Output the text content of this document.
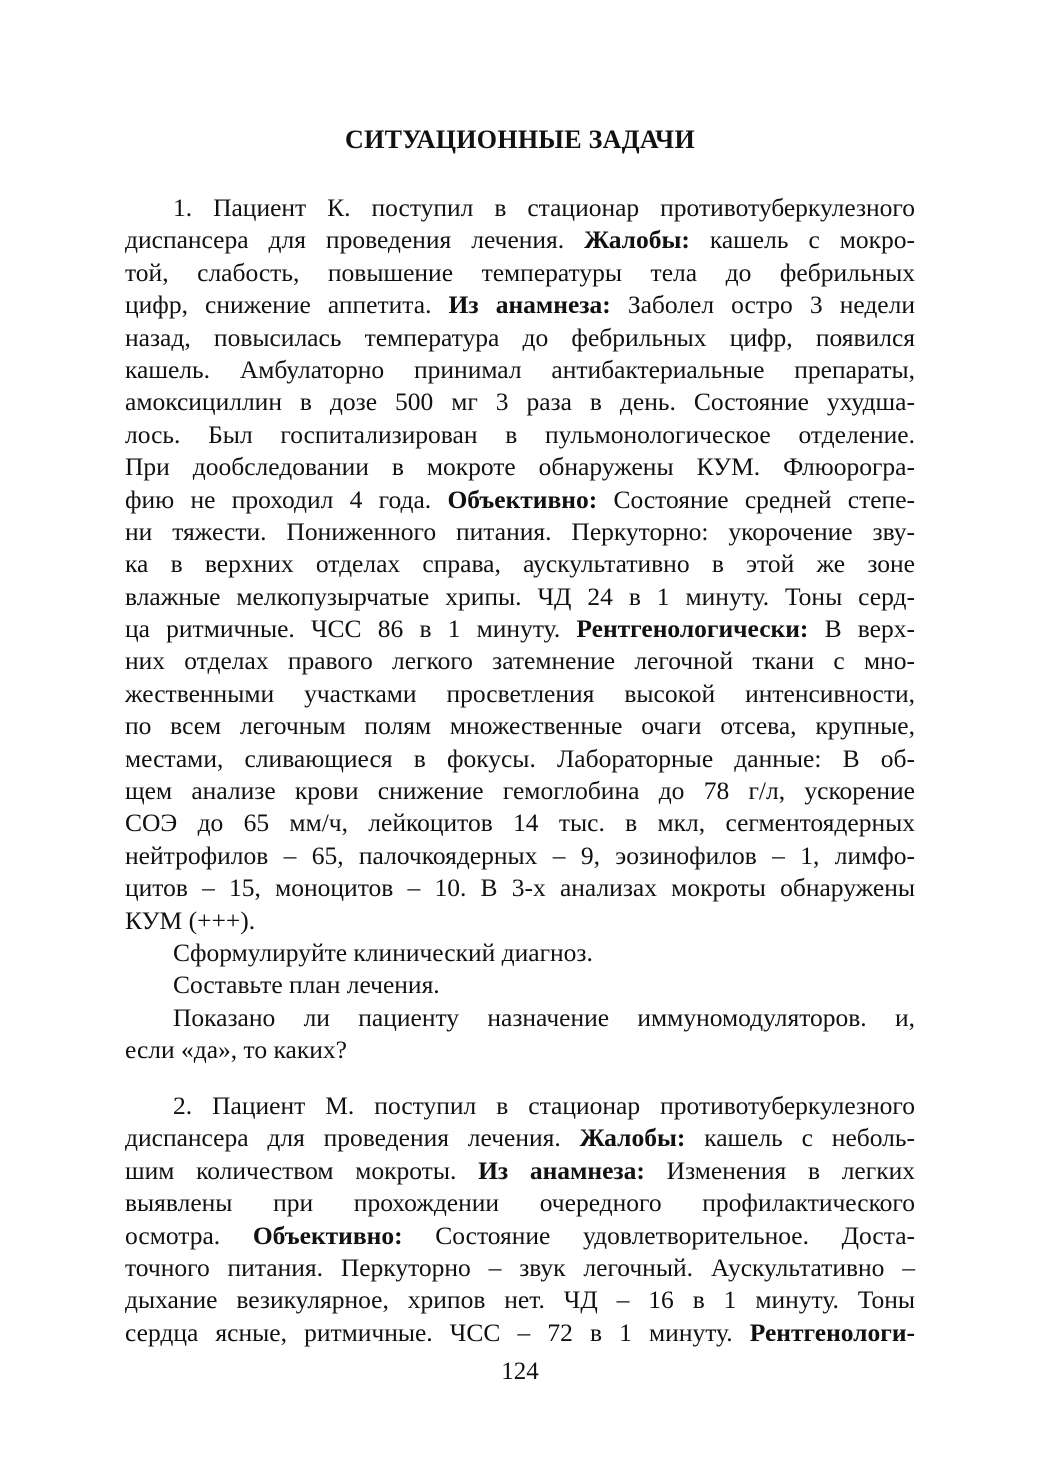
СИТУАЦИОННЫЕ ЗАДАЧИ
1. Пациент К. поступил в стационар противотуберкулезного
диспансера для проведения лечения. Жалобы: кашель с мокро-
той, слабость, повышение температуры тела до фебрильных
цифр, снижение аппетита. Из анамнеза: Заболел остро 3 недели
назад, повысилась температура до фебрильных цифр, появился
кашель. Амбулаторно принимал антибактериальные препараты,
амоксициллин в дозе 500 мг 3 раза в день. Состояние ухудша-
лось. Был госпитализирован в пульмонологическое отделение.
При дообследовании в мокроте обнаружены КУМ. Флюорогра-
фию не проходил 4 года. Объективно: Состояние средней степе-
ни тяжести. Пониженного питания. Перкуторно: укорочение зву-
ка в верхних отделах справа, аускультативно в этой же зоне
влажные мелкопузырчатые хрипы. ЧД 24 в 1 минуту. Тоны серд-
ца ритмичные. ЧСС 86 в 1 минуту. Рентгенологически: В верх-
них отделах правого легкого затемнение легочной ткани с мно-
жественными участками просветления высокой интенсивности,
по всем легочным полям множественные очаги отсева, крупные,
местами, сливающиеся в фокусы. Лабораторные данные: В об-
щем анализе крови снижение гемоглобина до 78 г/л, ускорение
СОЭ до 65 мм/ч, лейкоцитов 14 тыс. в мкл, сегментоядерных
нейтрофилов – 65, палочкоядерных – 9, эозинофилов – 1, лимфо-
цитов – 15, моноцитов – 10. В 3-х анализах мокроты обнаружены
КУМ (+++).
Сформулируйте клинический диагноз.
Составьте план лечения.
Показано ли пациенту назначение иммуномодуляторов. и,
если «да», то каких?
2. Пациент М. поступил в стационар противотуберкулезного
диспансера для проведения лечения. Жалобы: кашель с неболь-
шим количеством мокроты. Из анамнеза: Изменения в легких
выявлены при прохождении очередного профилактического
осмотра. Объективно: Состояние удовлетворительное. Доста-
точного питания. Перкуторно – звук легочный. Аускультативно –
дыхание везикулярное, хрипов нет. ЧД – 16 в 1 минуту. Тоны
сердца ясные, ритмичные. ЧСС – 72 в 1 минуту. Рентгенологи-
124
